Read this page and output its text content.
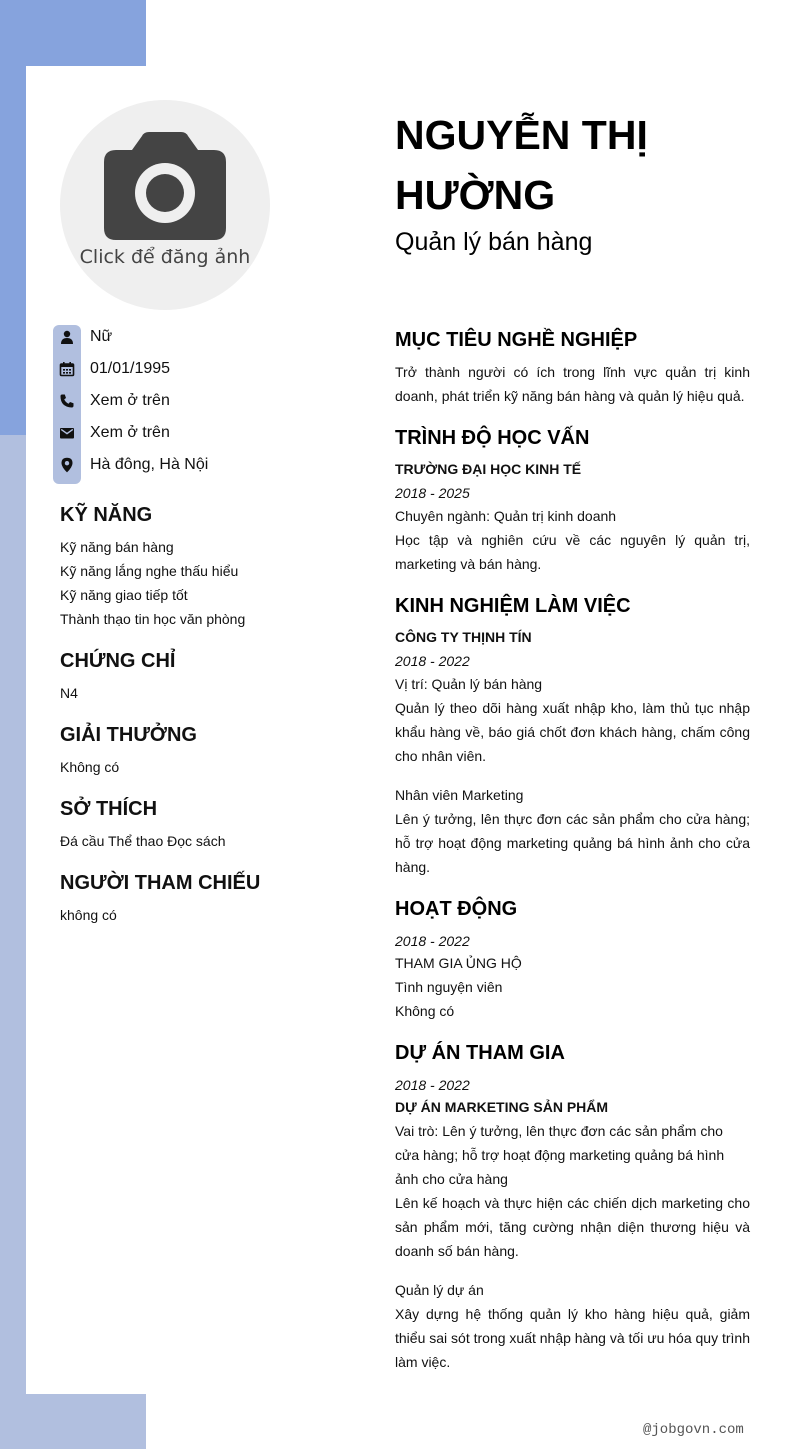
Click để đăng ảnh
Nữ
01/01/1995
Xem ở trên
Xem ở trên
Hà đông, Hà Nội
KỸ NĂNG
Kỹ năng bán hàng
Kỹ năng lắng nghe thấu hiểu
Kỹ năng giao tiếp tốt
Thành thạo tin học văn phòng
CHỨNG CHỈ
N4
GIẢI THƯỞNG
Không có
SỞ THÍCH
Đá cầu Thể thao Đọc sách
NGƯỜI THAM CHIẾU
không có
NGUYỄN THỊ
HƯỜNG
Quản lý bán hàng
MỤC TIÊU NGHỀ NGHIỆP
Trở thành người có ích trong lĩnh vực quản trị kinh doanh, phát triển kỹ năng bán hàng và quản lý hiệu quả.
TRÌNH ĐỘ HỌC VẤN
TRƯỜNG ĐẠI HỌC KINH TẾ
2018 - 2025
Chuyên ngành: Quản trị kinh doanh
Học tập và nghiên cứu về các nguyên lý quản trị, marketing và bán hàng.
KINH NGHIỆM LÀM VIỆC
CÔNG TY THỊNH TÍN
2018 - 2022
Vị trí: Quản lý bán hàng
Quản lý theo dõi hàng xuất nhập kho, làm thủ tục nhập khẩu hàng về, báo giá chốt đơn khách hàng, chấm công cho nhân viên.
Nhân viên Marketing
Lên ý tưởng, lên thực đơn các sản phẩm cho cửa hàng; hỗ trợ hoạt động marketing quảng bá hình ảnh cho cửa hàng.
HOẠT ĐỘNG
2018 - 2022
THAM GIA ỦNG HỘ
Tình nguyện viên
Không có
DỰ ÁN THAM GIA
2018 - 2022
DỰ ÁN MARKETING SẢN PHẨM
Vai trò: Lên ý tưởng, lên thực đơn các sản phẩm cho cửa hàng; hỗ trợ hoạt động marketing quảng bá hình ảnh cho cửa hàng
Lên kế hoạch và thực hiện các chiến dịch marketing cho sản phẩm mới, tăng cường nhận diện thương hiệu và doanh số bán hàng.
Quản lý dự án
Xây dựng hệ thống quản lý kho hàng hiệu quả, giảm thiểu sai sót trong xuất nhập hàng và tối ưu hóa quy trình làm việc.
@jobgovn.com
